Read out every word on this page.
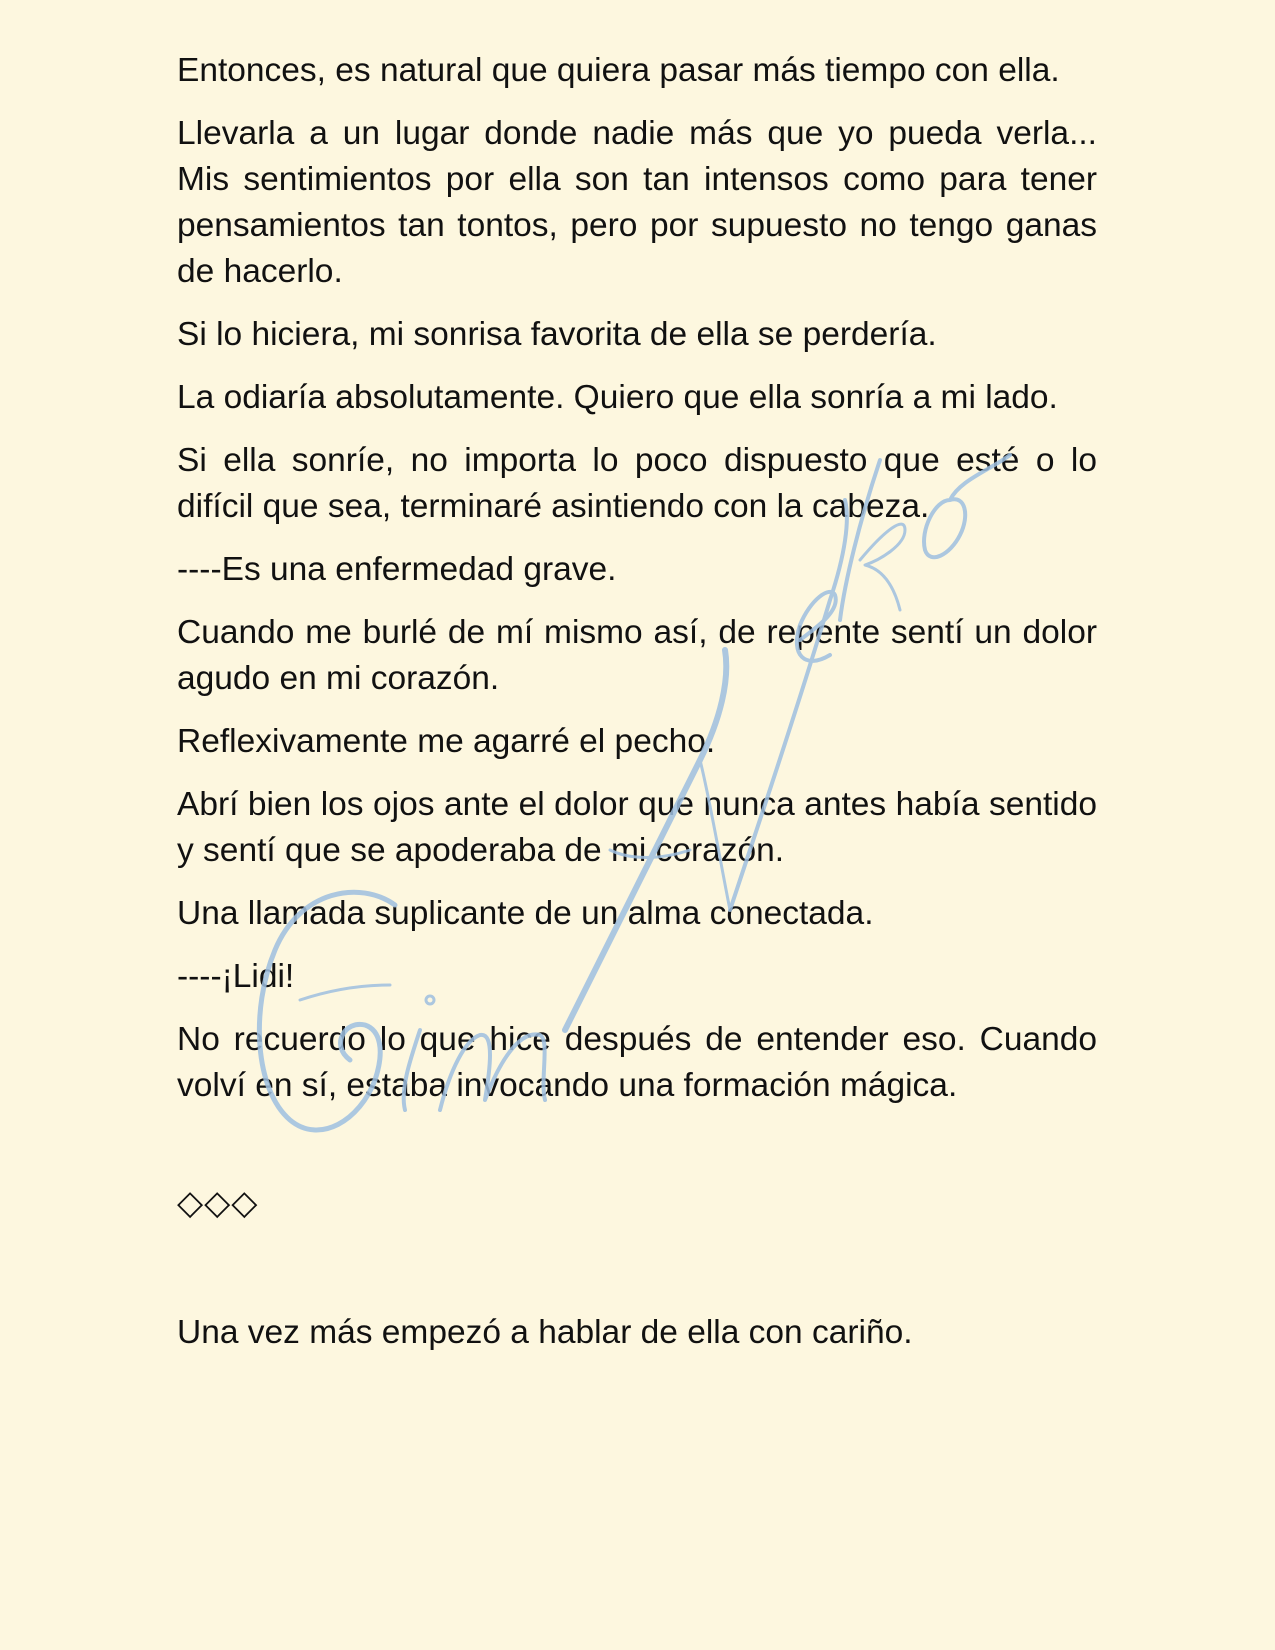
Entonces, es natural que quiera pasar más tiempo con ella.

Llevarla a un lugar donde nadie más que yo pueda verla... Mis sentimientos por ella son tan intensos como para tener pensamientos tan tontos, pero por supuesto no tengo ganas de hacerlo.

Si lo hiciera, mi sonrisa favorita de ella se perdería.

La odiaría absolutamente. Quiero que ella sonría a mi lado.

Si ella sonríe, no importa lo poco dispuesto que esté o lo difícil que sea, terminaré asintiendo con la cabeza.

----Es una enfermedad grave.

Cuando me burlé de mí mismo así, de repente sentí un dolor agudo en mi corazón.

Reflexivamente me agarré el pecho.

Abrí bien los ojos ante el dolor que nunca antes había sentido y sentí que se apoderaba de mi corazón.

Una llamada suplicante de un alma conectada.

----¡Lidi!

No recuerdo lo que hice después de entender eso. Cuando volví en sí, estaba invocando una formación mágica.

◇◇◇

Una vez más empezó a hablar de ella con cariño.
